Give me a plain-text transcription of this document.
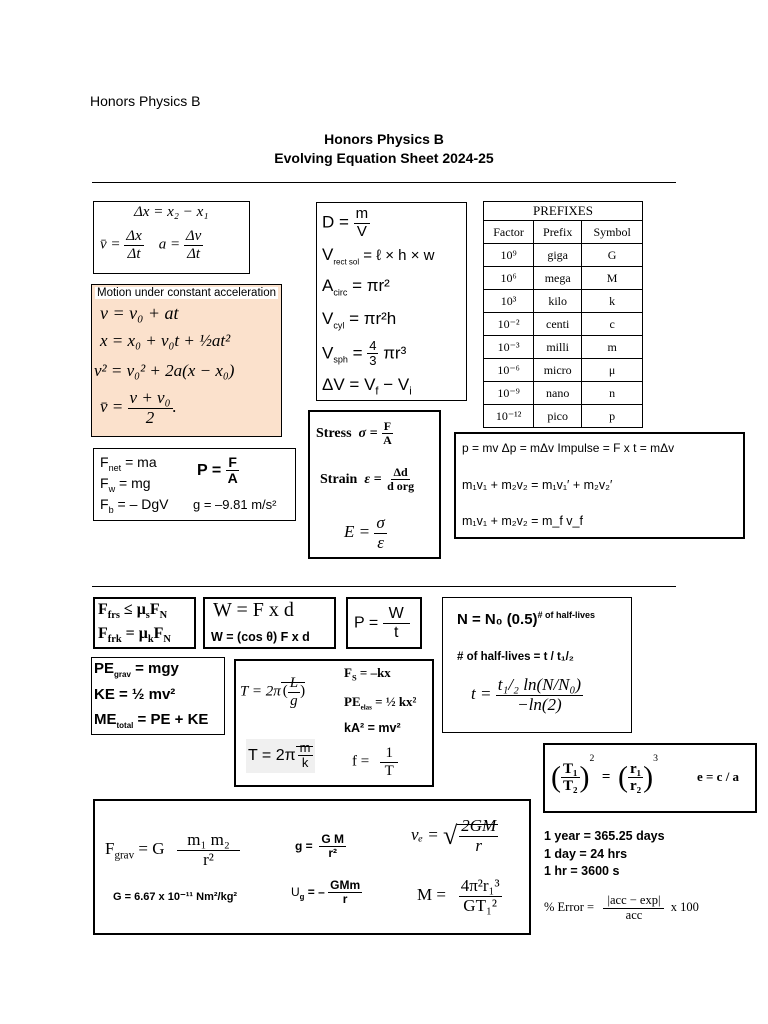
Honors Physics B
Honors Physics B
Evolving Equation Sheet 2024-25
Δx = x₂ − x₁
v̄ = $\frac{\Delta x}{\Delta t}$ $a = \frac{\Delta v}{\Delta t}$
Motion under constant acceleration
v = v₀ + at
x = x₀ + v₀t + ½at²
v² = v₀² + 2a(x − x₀)
v̄ = $\frac{\text{v + v₀}}{2}$ .
$D = \frac{m}{V}$
$V_{rect sol}$ = ℓ × h × w
$A_{circ} = \pi r^2$
$V_{cyl} = \pi r^2h$
$V_{sph} = \frac{4}{3} \pi r^3$
$\Delta V = V_f - V_i$
PREFIXES		
Factor	Prefix	Symbol
10⁹	giga	G
10⁶	mega	M
10³	kilo	k
10⁻²	centi	c
10⁻³	milli	m
10⁻⁶	micro	μ
10⁻⁹	nano	n
10⁻¹²	pico	p
Stress $\sigma = \frac{F}{A}$
Strain $\varepsilon = \frac{\Delta d}{\text{d org}}$
$E = \frac{\sigma}{\varepsilon}$
p = mv Δp = mΔv Impulse = F x t = mΔv
m₁v₁ + m₂v₂ = m₁v₁′ + m₂v₂′
m₁v₁ + m₂v₂ = m_f v_f
$F_{net}$ = ma
$F_w$ = mg
$F_b$ = – DgV
$P = \frac{F}{A}$
g = –9.81 m/s²
$F_{frs} \le \mu_sF_N$
$F_{frk} = \mu_kF_N$
W = F x d
W = (cos θ) F x d
$P = \frac{W}{t}$	N = N₀ $(0.5)^{\# of half-lives}$
# of half-lives = t / t₁/₂
$t = \frac{\text{t₁/₂ ln(N/N₀)}}{-\ln(2)}$
$PE_{grav}$ = mgy
KE = ½ mv²
$ME_{total}$ = PE + KE
T = 2π ( $\frac{L}{g}$ )
$F_S = -kx$
$PE_{elas}$ = ½ kx²
kA² = mv²
$T = 2\pi \frac{m}{k}$	$f = \frac{1}{T}$	( $\frac{\text{T₁}}{\text{T₂}} )^2$  =  ( $\frac{\text{r₁}}{\text{r₂}} )^3$
e = c / a
$F_{grav} = G \frac{\text{m₁ m₂}}{\text{r²}}$	$g = \frac{\text{G M}}{\text{r²}}$	vₑ = √ $\frac{2GM}{r}$
$U_g$ = – $\frac{\text{GMm}}{r}$	$M = \frac{\text{4π²r₁³}}{\text{GT₁²}}$
G = 6.67 x 10⁻¹¹ Nm²/kg²
1 year = 365.25 days
1 day = 24 hrs
1 hr = 3600 s
% Error = $\frac{\text{|acc − exp|}}{\text{acc}}$ x 100
